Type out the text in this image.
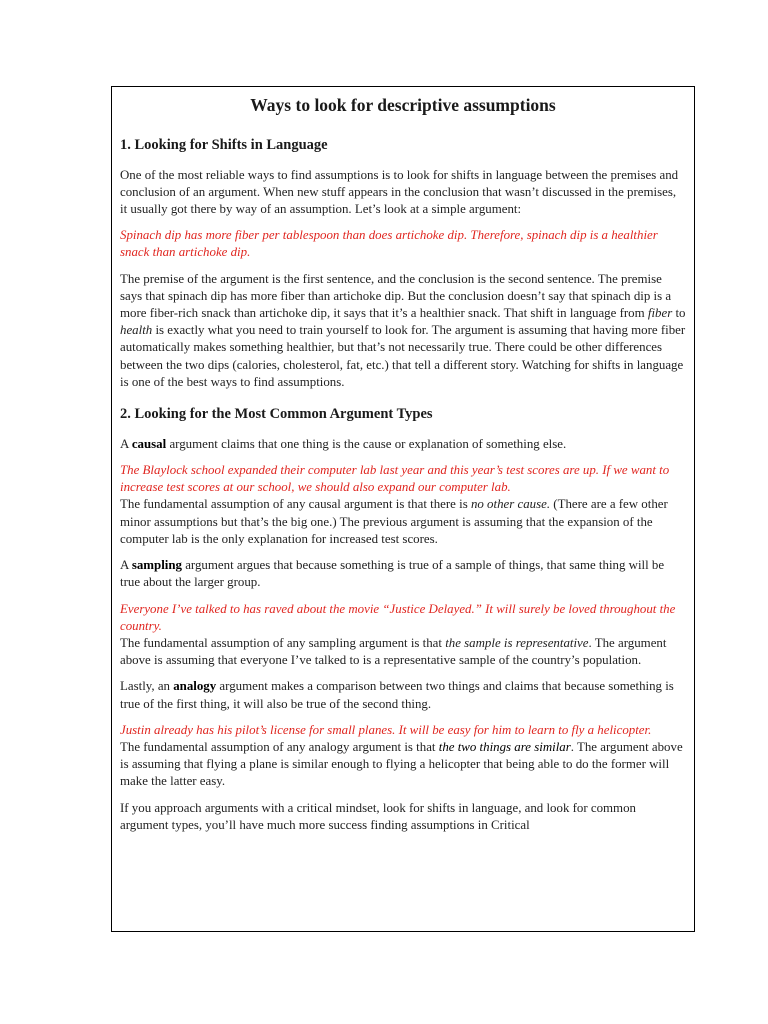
Ways to look for descriptive assumptions
1. Looking for Shifts in Language

One of the most reliable ways to find assumptions is to look for shifts in language between the premises and conclusion of an argument. When new stuff appears in the conclusion that wasn’t discussed in the premises, it usually got there by way of an assumption. Let’s look at a simple argument:

Spinach dip has more fiber per tablespoon than does artichoke dip. Therefore, spinach dip is a healthier snack than artichoke dip.

The premise of the argument is the first sentence, and the conclusion is the second sentence. The premise says that spinach dip has more fiber than artichoke dip. But the conclusion doesn’t say that spinach dip is a more fiber-rich snack than artichoke dip, it says that it’s a healthier snack. That shift in language from fiber to health is exactly what you need to train yourself to look for. The argument is assuming that having more fiber automatically makes something healthier, but that’s not necessarily true. There could be other differences between the two dips (calories, cholesterol, fat, etc.) that tell a different story. Watching for shifts in language is one of the best ways to find assumptions.

2. Looking for the Most Common Argument Types

A causal argument claims that one thing is the cause or explanation of something else.

The Blaylock school expanded their computer lab last year and this year’s test scores are up. If we want to increase test scores at our school, we should also expand our computer lab.

The fundamental assumption of any causal argument is that there is no other cause. (There are a few other minor assumptions but that’s the big one.) The previous argument is assuming that the expansion of the computer lab is the only explanation for increased test scores.

A sampling argument argues that because something is true of a sample of things, that same thing will be true about the larger group.

Everyone I’ve talked to has raved about the movie “Justice Delayed.” It will surely be loved throughout the country.

The fundamental assumption of any sampling argument is that the sample is representative. The argument above is assuming that everyone I’ve talked to is a representative sample of the country’s population.

Lastly, an analogy argument makes a comparison between two things and claims that because something is true of the first thing, it will also be true of the second thing.

Justin already has his pilot’s license for small planes. It will be easy for him to learn to fly a helicopter.

The fundamental assumption of any analogy argument is that the two things are similar. The argument above is assuming that flying a plane is similar enough to flying a helicopter that being able to do the former will make the latter easy.

If you approach arguments with a critical mindset, look for shifts in language, and look for common argument types, you’ll have much more success finding assumptions in Critical
